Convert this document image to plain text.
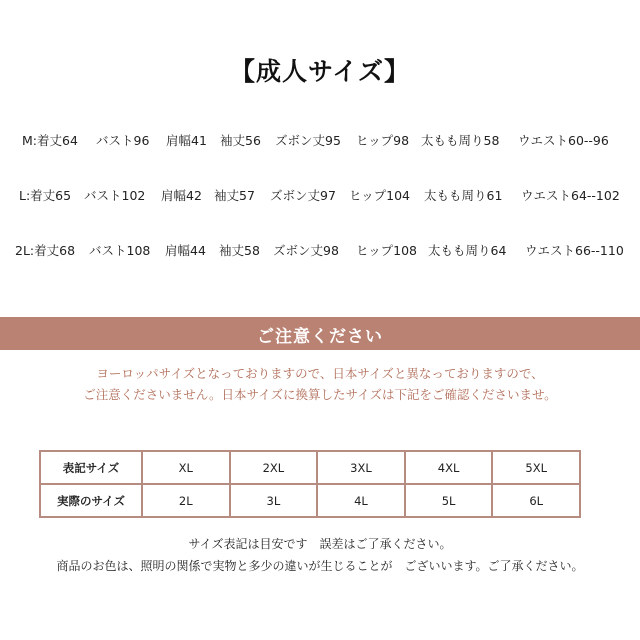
【成人サイズ】
M:着丈64 バスト96 肩幅41 袖丈56 ズボン丈95 ヒップ98 太もも周り58 ウエスト60--96
L:着丈65 バスト102 肩幅42 袖丈57 ズボン丈97 ヒップ104 太もも周り61 ウエスト64--102
2L:着丈68 バスト108 肩幅44 袖丈58 ズボン丈98 ヒップ108 太もも周り64 ウエスト66--110
ご注意ください
ヨーロッパサイズとなっておりますので、日本サイズと異なっておりますので、
ご注意くださいません。日本サイズに換算したサイズは下記をご確認くださいませ。
表記サイズ	XL	2XL	3XL	4XL	5XL
実際のサイズ	2L	3L	4L	5L	6L
サイズ表記は目安です　誤差はご了承ください。
商品のお色は、照明の関係で実物と多少の違いが生じることが　ございいます。ご了承ください。
